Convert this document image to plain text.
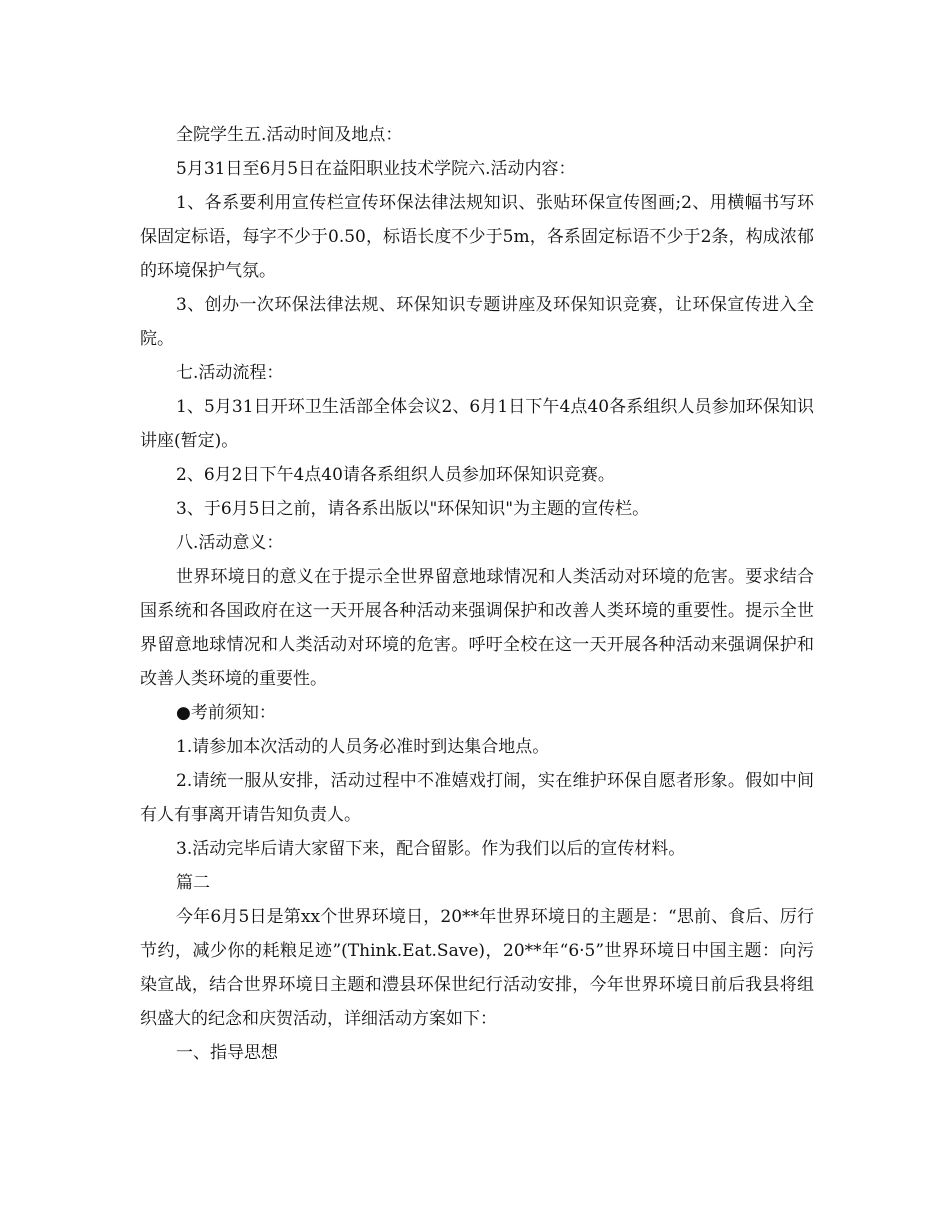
全院学生五.活动时间及地点：

5月31日至6月5日在益阳职业技术学院六.活动内容：

1、各系要利用宣传栏宣传环保法律法规知识、张贴环保宣传图画;2、用横幅书写环保固定标语，每字不少于0.50，标语长度不少于5m，各系固定标语不少于2条，构成浓郁的环境保护气氛。

3、创办一次环保法律法规、环保知识专题讲座及环保知识竞赛，让环保宣传进入全院。

七.活动流程：

1、5月31日开环卫生活部全体会议2、6月1日下午4点40各系组织人员参加环保知识讲座(暂定)。

2、6月2日下午4点40请各系组织人员参加环保知识竞赛。

3、于6月5日之前，请各系出版以"环保知识"为主题的宣传栏。

八.活动意义：

世界环境日的意义在于提示全世界留意地球情况和人类活动对环境的危害。要求结合国系统和各国政府在这一天开展各种活动来强调保护和改善人类环境的重要性。提示全世界留意地球情况和人类活动对环境的危害。呼吁全校在这一天开展各种活动来强调保护和改善人类环境的重要性。

●考前须知：

1.请参加本次活动的人员务必准时到达集合地点。

2.请统一服从安排，活动过程中不准嬉戏打闹，实在维护环保自愿者形象。假如中间有人有事离开请告知负责人。

3.活动完毕后请大家留下来，配合留影。作为我们以后的宣传材料。

篇二

今年6月5日是第xx个世界环境日，20**年世界环境日的主题是：“思前、食后、厉行节约，减少你的耗粮足迹”(Think.Eat.Save)，20**年“6·5”世界环境日中国主题：向污染宣战，结合世界环境日主题和澧县环保世纪行活动安排，今年世界环境日前后我县将组织盛大的纪念和庆贺活动，详细活动方案如下：

一、指导思想
